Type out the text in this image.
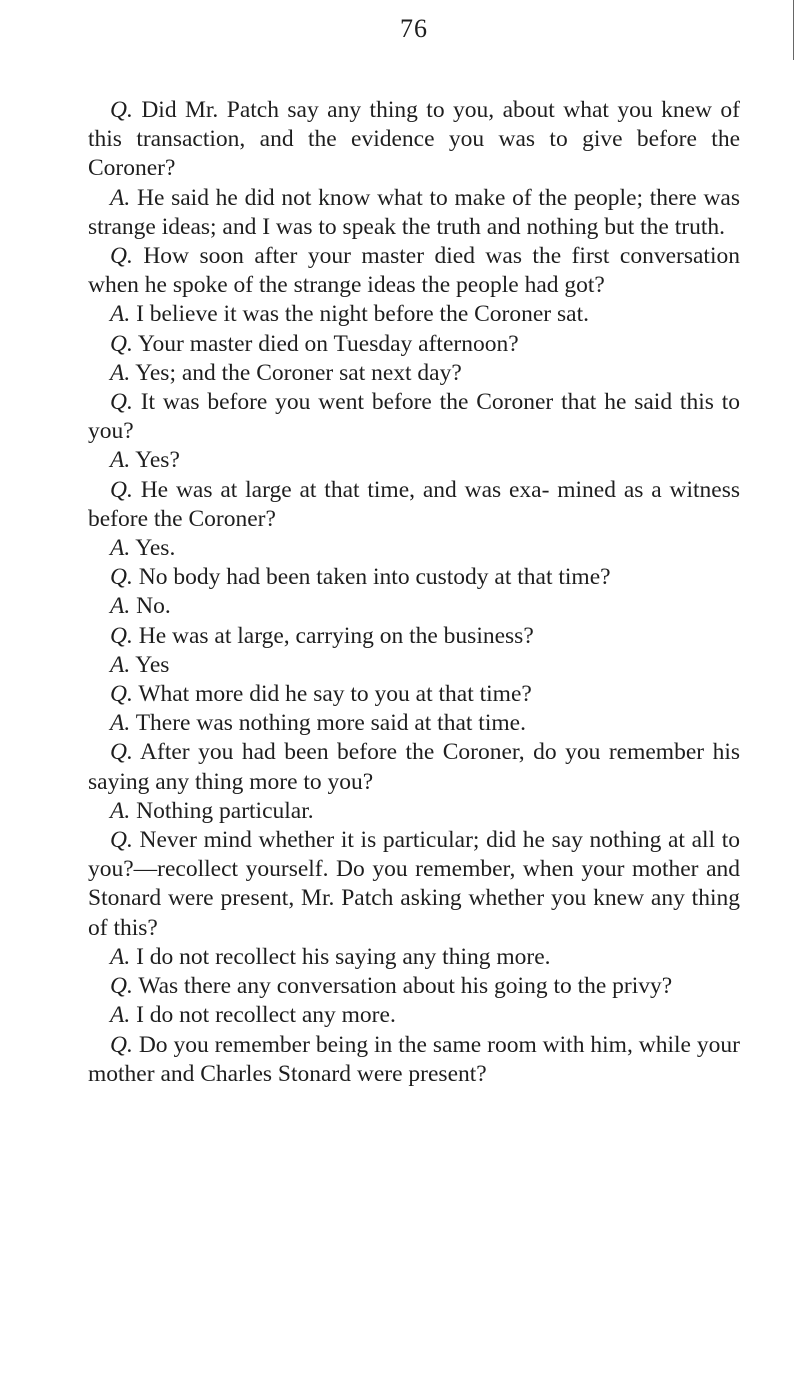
76

Q. Did Mr. Patch say any thing to you, about what you knew of this transaction, and the evidence you was to give before the Coroner?

A. He said he did not know what to make of the people; there was strange ideas; and I was to speak the truth and nothing but the truth.

Q. How soon after your master died was the first conversation when he spoke of the strange ideas the people had got?

A. I believe it was the night before the Coroner sat.

Q. Your master died on Tuesday afternoon?

A. Yes; and the Coroner sat next day?

Q. It was before you went before the Coroner that he said this to you?

A. Yes?

Q. He was at large at that time, and was exa- mined as a witness before the Coroner?

A. Yes.

Q. No body had been taken into custody at that time?

A. No.

Q. He was at large, carrying on the business?

A. Yes

Q. What more did he say to you at that time?

A. There was nothing more said at that time.

Q. After you had been before the Coroner, do you remember his saying any thing more to you?

A. Nothing particular.

Q. Never mind whether it is particular; did he say nothing at all to you?—recollect yourself. Do you remember, when your mother and Stonard were present, Mr. Patch asking whether you knew any thing of this?

A. I do not recollect his saying any thing more.

Q. Was there any conversation about his going to the privy?

A. I do not recollect any more.

Q. Do you remember being in the same room with him, while your mother and Charles Stonard were present?
